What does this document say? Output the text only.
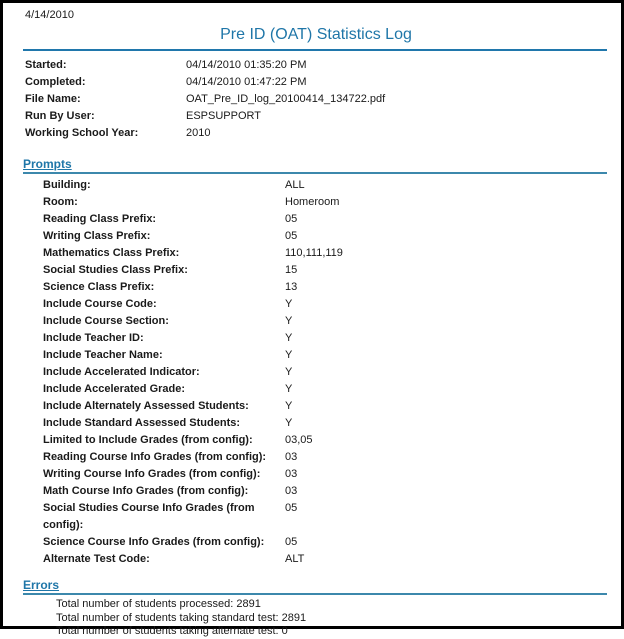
4/14/2010
Pre ID (OAT) Statistics Log
Started:	04/14/2010 01:35:20 PM
Completed:	04/14/2010 01:47:22 PM
File Name:	OAT_Pre_ID_log_20100414_134722.pdf
Run By User:	ESPSUPPORT
Working School Year:	2010
Prompts
Building:	ALL
Room:	Homeroom
Reading Class Prefix:	05
Writing Class Prefix:	05
Mathematics Class Prefix:	110,111,119
Social Studies Class Prefix:	15
Science Class Prefix:	13
Include Course Code:	Y
Include Course Section:	Y
Include Teacher ID:	Y
Include Teacher Name:	Y
Include Accelerated Indicator:	Y
Include Accelerated Grade:	Y
Include Alternately Assessed Students:	Y
Include Standard Assessed Students:	Y
Limited to Include Grades (from config):	03,05
Reading Course Info Grades (from config):	03
Writing Course Info Grades (from config):	03
Math Course Info Grades (from config):	03
Social Studies Course Info Grades (from config):
05
Science Course Info Grades (from config):	05
Alternate Test Code:	ALT
Errors
Total number of students processed: 2891
Total number of students taking standard test: 2891
Total number of students taking alternate test: 0
